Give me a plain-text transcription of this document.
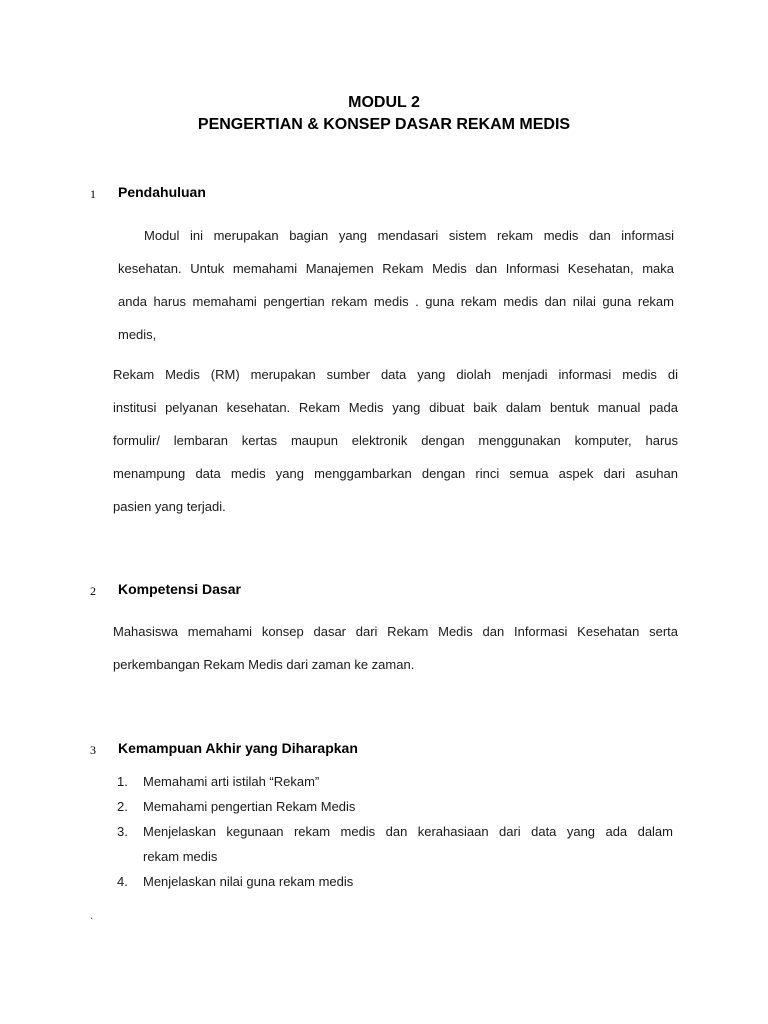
MODUL 2
PENGERTIAN & KONSEP DASAR REKAM MEDIS
1 Pendahuluan
Modul ini merupakan bagian yang mendasari sistem rekam medis dan informasi
kesehatan. Untuk memahami Manajemen Rekam Medis dan Informasi Kesehatan, maka
anda harus memahami pengertian rekam medis . guna rekam medis dan nilai guna rekam
medis,
Rekam Medis (RM) merupakan sumber data yang diolah menjadi informasi medis di
institusi pelyanan kesehatan. Rekam Medis yang dibuat baik dalam bentuk manual pada
formulir/ lembaran kertas maupun elektronik dengan menggunakan komputer, harus
menampung data medis yang menggambarkan dengan rinci semua aspek dari asuhan
pasien yang terjadi.
2 Kompetensi Dasar
Mahasiswa memahami konsep dasar dari Rekam Medis dan Informasi Kesehatan serta
perkembangan Rekam Medis dari zaman ke zaman.
3 Kemampuan Akhir yang Diharapkan
1. Memahami arti istilah “Rekam”
2. Memahami pengertian Rekam Medis
3. Menjelaskan kegunaan rekam medis dan kerahasiaan dari data yang ada dalam
rekam medis
4. Menjelaskan nilai guna rekam medis
.
